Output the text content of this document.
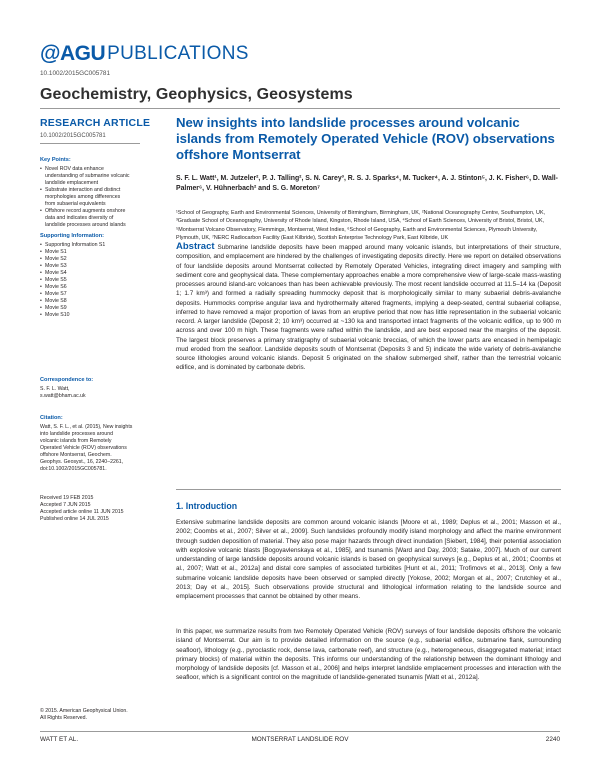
@AGU PUBLICATIONS
10.1002/2015GC005781
Geochemistry, Geophysics, Geosystems
RESEARCH ARTICLE
10.1002/2015GC005781
Key Points:
• Novel ROV data enhance
understanding of submarine volcanic
landslide emplacement
• Substrate interaction and distinct
morphologies among differences
from subaerial equivalents
• Offshore record augments onshore
data and indicates diversity of
landslide processes around islands
Supporting Information:
• Supporting Information S1
• Movie S1
• Movie S2
• Movie S3
• Movie S4
• Movie S5
• Movie S6
• Movie S7
• Movie S8
• Movie S9
• Movie S10
Correspondence to:
S. F. L. Watt,
s.watt@bham.ac.uk
Citation:
Watt, S. F. L., et al. (2015), New insights
into landslide processes around
volcanic islands from Remotely
Operated Vehicle (ROV) observations
offshore Montserrat, Geochem.
Geophys. Geosyst., 16, 2240–2261,
doi:10.1002/2015GC005781.
Received 19 FEB 2015
Accepted 7 JUN 2015
Accepted article online 11 JUN 2015
Published online 14 JUL 2015
© 2015. American Geophysical Union.
All Rights Reserved.
New insights into landslide processes around volcanic islands from Remotely Operated Vehicle (ROV) observations offshore Montserrat
S. F. L. Watt¹, M. Jutzeler², P. J. Talling², S. N. Carey³, R. S. J. Sparks⁴, M. Tucker⁴, A. J. Stinton⁵, J. K. Fisher⁶, D. Wall-Palmer⁶, V. Hühnerbach² and S. G. Moreton⁷
¹School of Geography, Earth and Environmental Sciences, University of Birmingham, Birmingham, UK, ²National Oceanography Centre, Southampton, UK, ³Graduate School of Oceanography, University of Rhode Island, Kingston, Rhode Island, USA, ⁴School of Earth Sciences, University of Bristol, Bristol, UK, ⁵Montserrat Volcano Observatory, Flemmings, Montserrat, West Indies, ⁶School of Geography, Earth and Environmental Sciences, Plymouth University, Plymouth, UK, ⁷NERC Radiocarbon Facility (East Kilbride), Scottish Enterprise Technology Park, East Kilbride, UK
Abstract Submarine landslide deposits have been mapped around many volcanic islands, but interpretations of their structure, composition, and emplacement are hindered by the challenges of investigating deposits directly. Here we report on detailed observations of four landslide deposits around Montserrat collected by Remotely Operated Vehicles, integrating direct imagery and sampling with sediment core and geophysical data. These complementary approaches enable a more comprehensive view of large-scale mass-wasting processes around island-arc volcanoes than has been achievable previously. The most recent landslide occurred at 11.5–14 ka (Deposit 1; 1.7 km³) and formed a radially spreading hummocky deposit that is morphologically similar to many subaerial debris-avalanche deposits. Hummocks comprise angular lava and hydrothermally altered fragments, implying a deep-seated, central subaerial collapse, inferred to have removed a major proportion of lavas from an eruptive period that now has little representation in the subaerial volcanic record. A larger landslide (Deposit 2; 10 km³) occurred at ~130 ka and transported intact fragments of the volcanic edifice, up to 900 m across and over 100 m high. These fragments were rafted within the landslide, and are best exposed near the margins of the deposit. The largest block preserves a primary stratigraphy of subaerial volcanic breccias, of which the lower parts are encased in hemipelagic mud eroded from the seafloor. Landslide deposits south of Montserrat (Deposits 3 and 5) indicate the wide variety of debris-avalanche source lithologies around volcanic islands. Deposit 5 originated on the shallow submerged shelf, rather than the terrestrial volcanic edifice, and is dominated by carbonate debris.
1. Introduction
Extensive submarine landslide deposits are common around volcanic islands [Moore et al., 1989; Deplus et al., 2001; Masson et al., 2002; Coombs et al., 2007; Silver et al., 2009]. Such landslides profoundly modify island morphology and affect the marine environment through sudden deposition of material. They also pose major hazards through direct inundation [Siebert, 1984], their potential association with explosive volcanic blasts [Bogoyavlenskaya et al., 1985], and tsunamis [Ward and Day, 2003; Satake, 2007]. Much of our current understanding of large landslide deposits around volcanic islands is based on geophysical surveys [e.g., Deplus et al., 2001; Coombs et al., 2007; Watt et al., 2012a] and distal core samples of associated turbidites [Hunt et al., 2011; Trofimovs et al., 2013]. Only a few submarine volcanic landslide deposits have been observed or sampled directly [Yokose, 2002; Morgan et al., 2007; Crutchley et al., 2013; Day et al., 2015]. Such observations provide structural and lithological information relating to the landslide source and emplacement processes that cannot be obtained by other means.
In this paper, we summarize results from two Remotely Operated Vehicle (ROV) surveys of four landslide deposits offshore the volcanic island of Montserrat. Our aim is to provide detailed information on the source (e.g., subaerial edifice, submarine flank, surrounding seafloor), lithology (e.g., pyroclastic rock, dense lava, carbonate reef), and structure (e.g., heterogeneous, disaggregated material; intact primary blocks) of material within the deposits. This informs our understanding of the relationship between the dominant lithology and morphology of landslide deposits [cf. Masson et al., 2006] and helps interpret landslide emplacement processes and interaction with the seafloor, which is a significant control on the magnitude of landslide-generated tsunamis [Watt et al., 2012a].
WATT ET AL.	MONTSERRAT LANDSLIDE ROV	2240
